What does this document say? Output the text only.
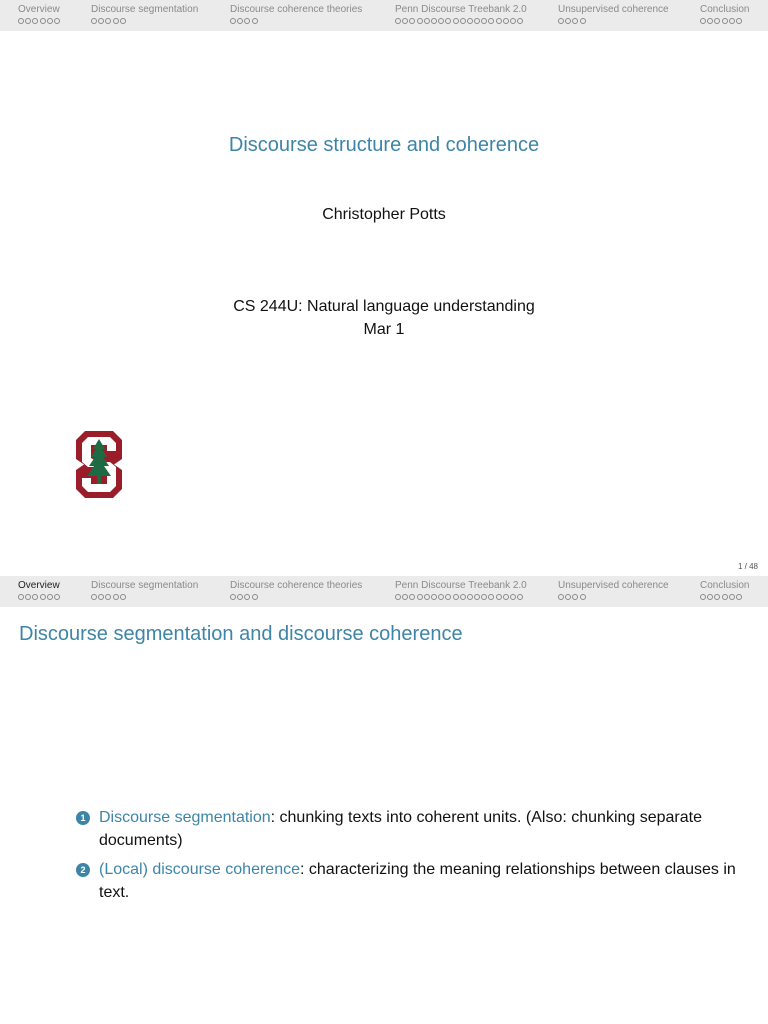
Overview	Discourse segmentation	Discourse coherence theories	Penn Discourse Treebank 2.0	Unsupervised coherence	Conclusion
Discourse structure and coherence
Christopher Potts
CS 244U: Natural language understanding
Mar 1
1 / 48
Overview	Discourse segmentation	Discourse coherence theories	Penn Discourse Treebank 2.0	Unsupervised coherence	Conclusion
Discourse segmentation and discourse coherence
1 Discourse segmentation: chunking texts into coherent units. (Also: chunking separate documents)
2 (Local) discourse coherence: characterizing the meaning relationships between clauses in text.
